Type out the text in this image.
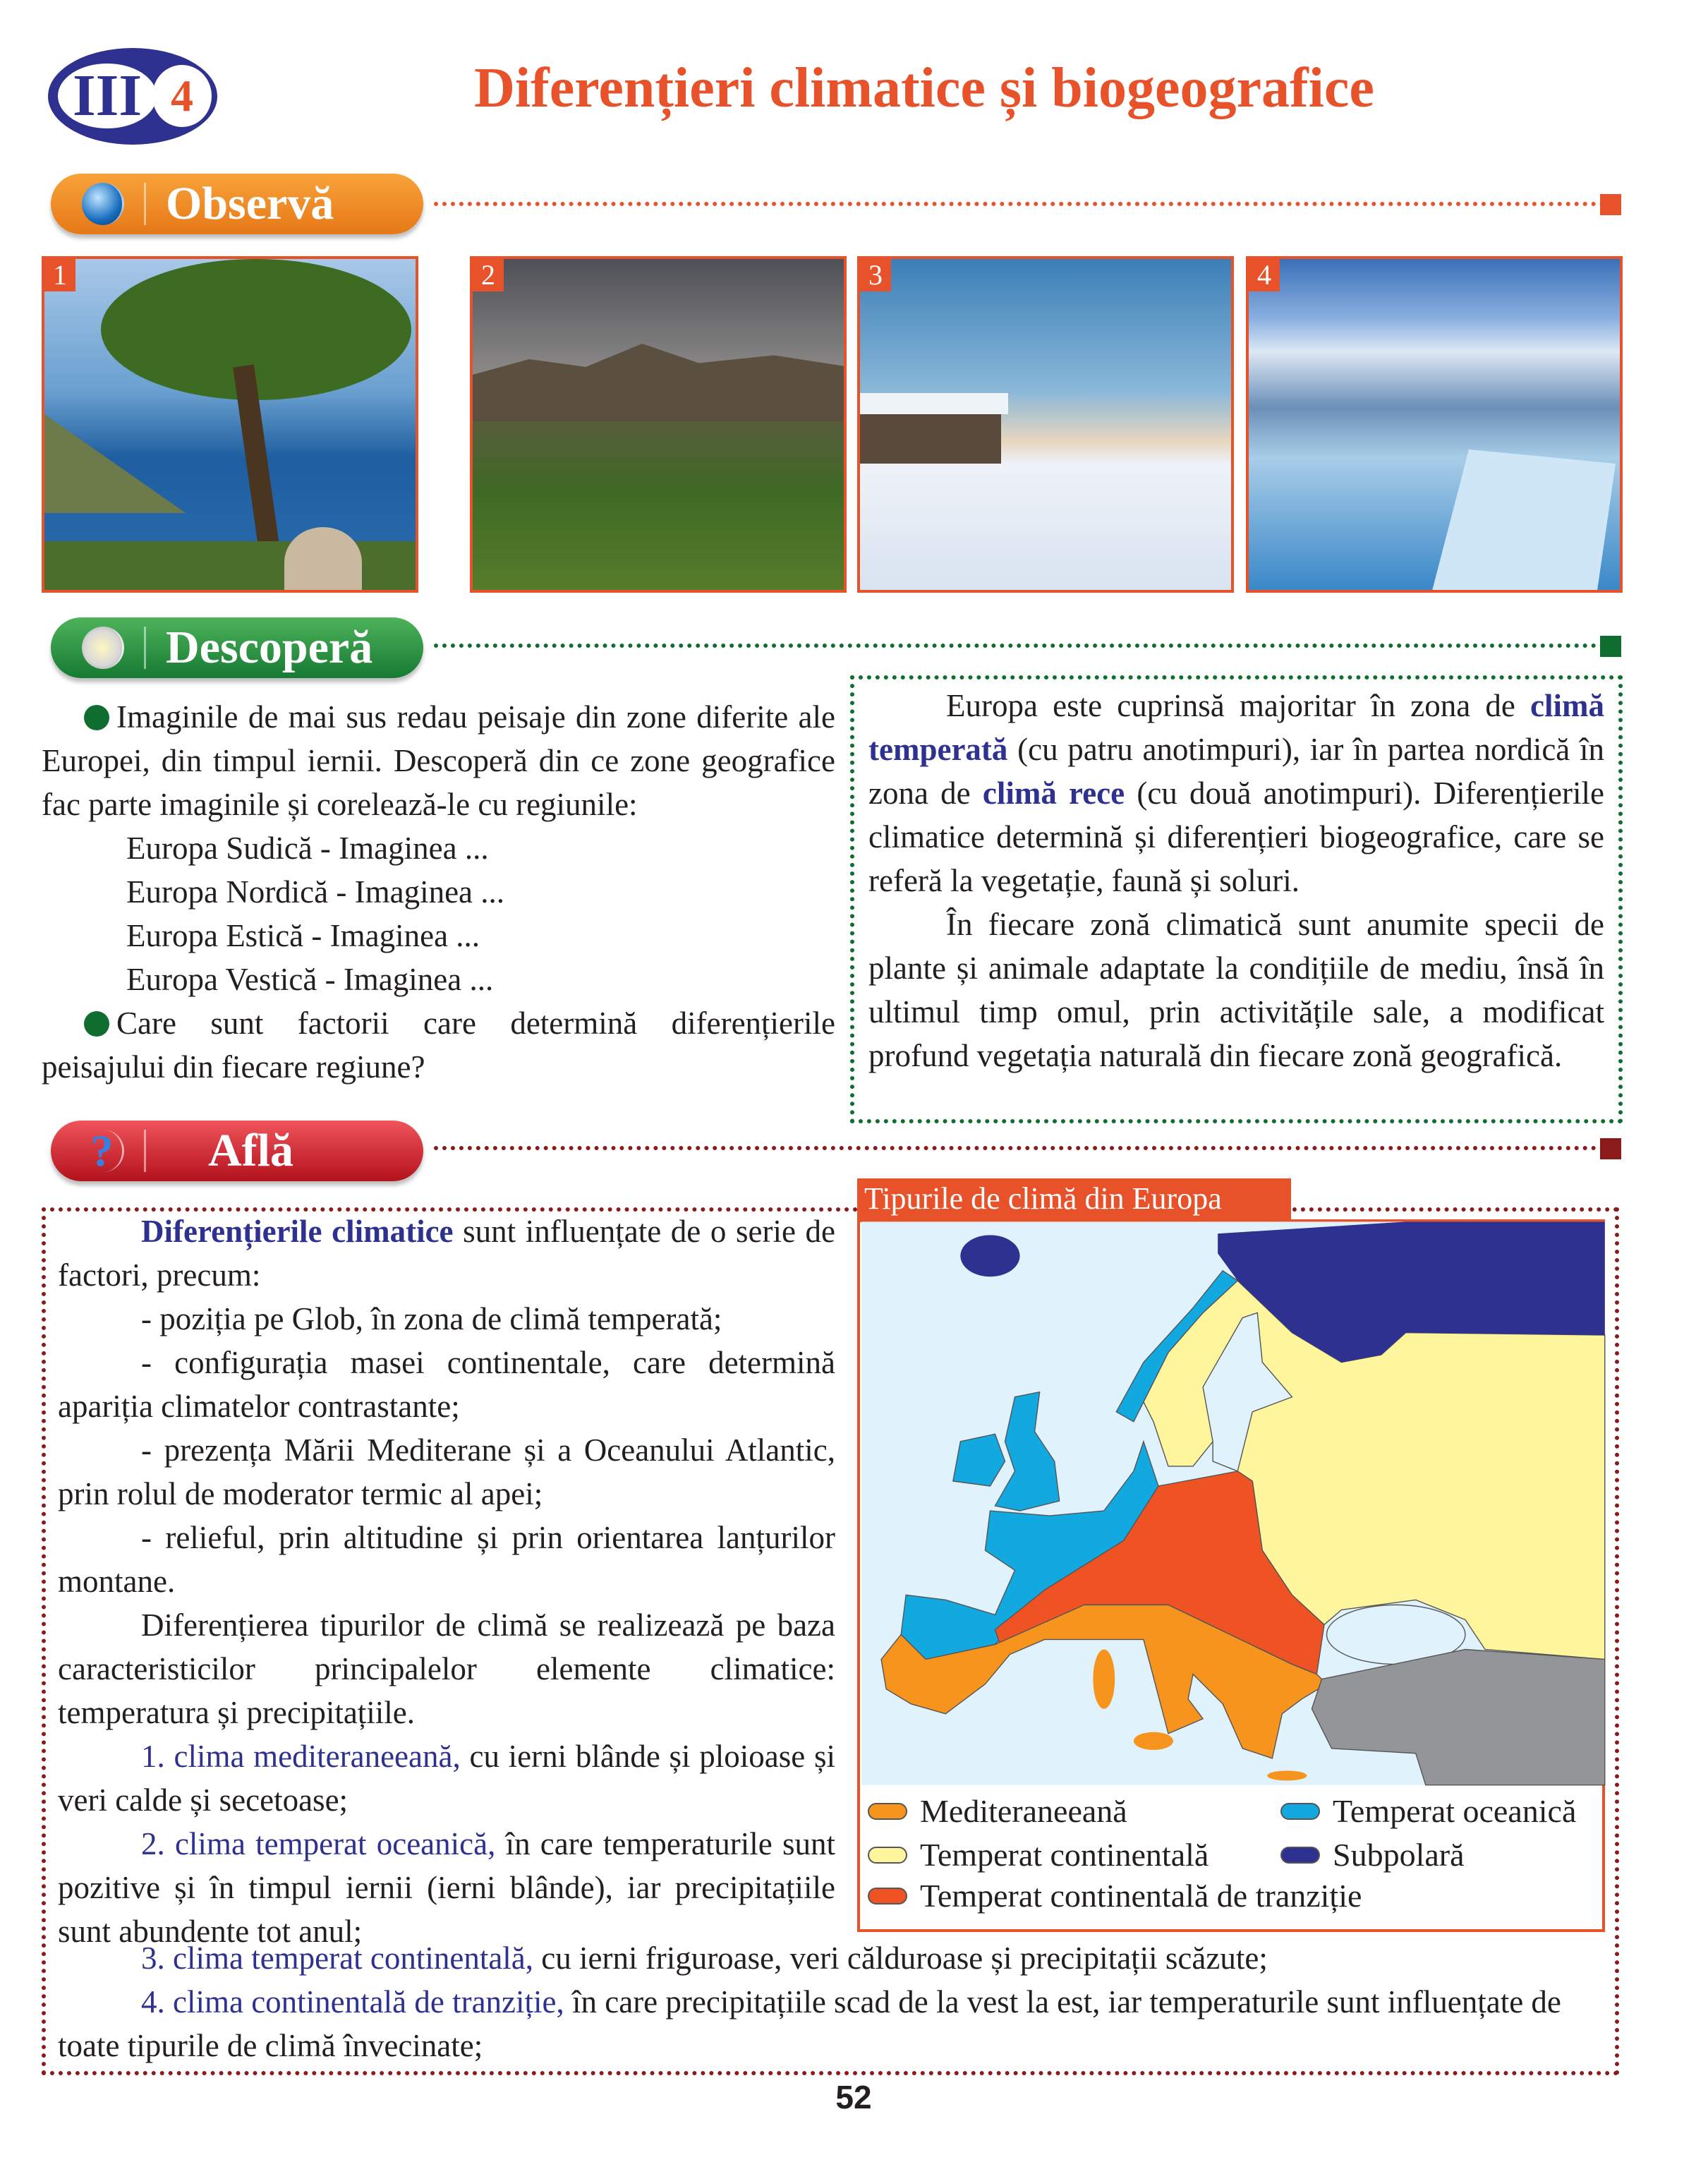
III 4	Diferențieri climatice și biogeografice
Observă
1	2	3	4
Descoperă
Imaginile de mai sus redau peisaje din zone diferite ale Europei, din timpul iernii. Descoperă din ce zone geografice fac parte imaginile și corelează-le cu regiunile:
Europa Sudică - Imaginea ...
Europa Nordică - Imaginea ...
Europa Estică - Imaginea ...
Europa Vestică - Imaginea ...
Care sunt factorii care determină diferențierile peisajului din fiecare regiune?
Europa este cuprinsă majoritar în zona de climă temperată (cu patru anotimpuri), iar în partea nordică în zona de climă rece (cu două anotimpuri). Diferențierile climatice determină și diferențieri biogeografice, care se referă la vegetație, faună și soluri.
În fiecare zonă climatică sunt anumite specii de plante și animale adaptate la condițiile de mediu, însă în ultimul timp omul, prin activitățile sale, a modificat profund vegetația naturală din fiecare zonă geografică.
? Află
Diferențierile climatice sunt influențate de o serie de factori, precum:
- poziția pe Glob, în zona de climă temperată;
- configurația masei continentale, care determină apariția climatelor contrastante;
- prezența Mării Mediterane și a Oceanului Atlantic, prin rolul de moderator termic al apei;
- relieful, prin altitudine și prin orientarea lanțurilor montane.
Diferențierea tipurilor de climă se realizează pe baza caracteristicilor principalelor elemente climatice: temperatura și precipitațiile.
1. clima mediteraneeană, cu ierni blânde și ploioase și veri calde și secetoase;
2. clima temperat oceanică, în care temperaturile sunt pozitive și în timpul iernii (ierni blânde), iar precipitațiile sunt abundente tot anul;
3. clima temperat continentală, cu ierni friguroase, veri călduroase și precipitații scăzute;
4. clima continentală de tranziție, în care precipitațiile scad de la vest la est, iar temperaturile sunt influențate de toate tipurile de climă învecinate;
Tipurile de climă din Europa
Mediteraneeană	Temperat oceanică
Temperat continentală	Subpolară
Temperat continentală de tranziție
52
